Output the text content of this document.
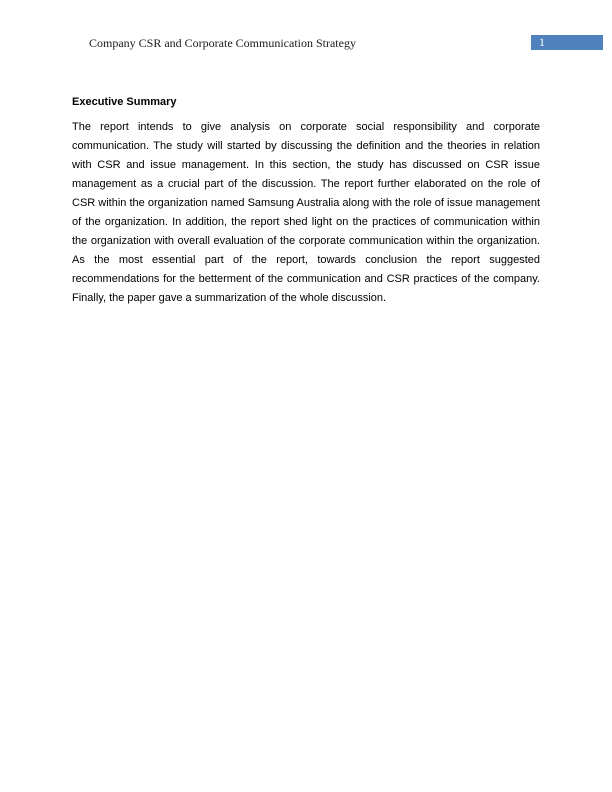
Company CSR and Corporate Communication Strategy	1
Executive Summary

The report intends to give analysis on corporate social responsibility and corporate communication. The study will started by discussing the definition and the theories in relation with CSR and issue management. In this section, the study has discussed on CSR issue management as a crucial part of the discussion. The report further elaborated on the role of CSR within the organization named Samsung Australia along with the role of issue management of the organization. In addition, the report shed light on the practices of communication within the organization with overall evaluation of the corporate communication within the organization. As the most essential part of the report, towards conclusion the report suggested recommendations for the betterment of the communication and CSR practices of the company. Finally, the paper gave a summarization of the whole discussion.
